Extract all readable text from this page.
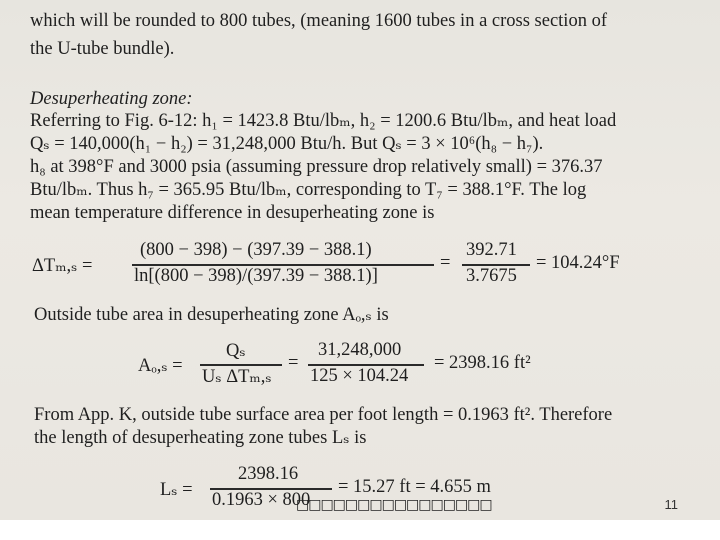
which will be rounded to 800 tubes, (meaning 1600 tubes in a cross section of
the U-tube bundle).
Desuperheating zone:
Referring to Fig. 6-12: h₁ = 1423.8 Btu/lbₘ, h₂ = 1200.6 Btu/lbₘ, and heat load
Qₛ = 140,000(h₁ − h₂) = 31,248,000 Btu/h. But Qₛ = 3 × 10⁶(h₈ − h₇).
h₈ at 398°F and 3000 psia (assuming pressure drop relatively small) = 376.37
Btu/lbₘ. Thus h₇ = 365.95 Btu/lbₘ, corresponding to T₇ = 388.1°F. The log
mean temperature difference in desuperheating zone is
ΔTₘ,ₛ =
(800 − 398) − (397.39 − 388.1)
ln[(800 − 398)/(397.39 − 388.1)]
=
392.71
3.7675
= 104.24°F
Outside tube area in desuperheating zone Aₒ,ₛ is
Aₒ,ₛ =
Qₛ
Uₛ ΔTₘ,ₛ
=
31,248,000
125 × 104.24
= 2398.16 ft²
From App. K, outside tube surface area per foot length = 0.1963 ft². Therefore
the length of desuperheating zone tubes Lₛ is
Lₛ =
2398.16
0.1963 × 800
= 15.27 ft = 4.655 m
□□□□□□□□□□□□□□□□	11
